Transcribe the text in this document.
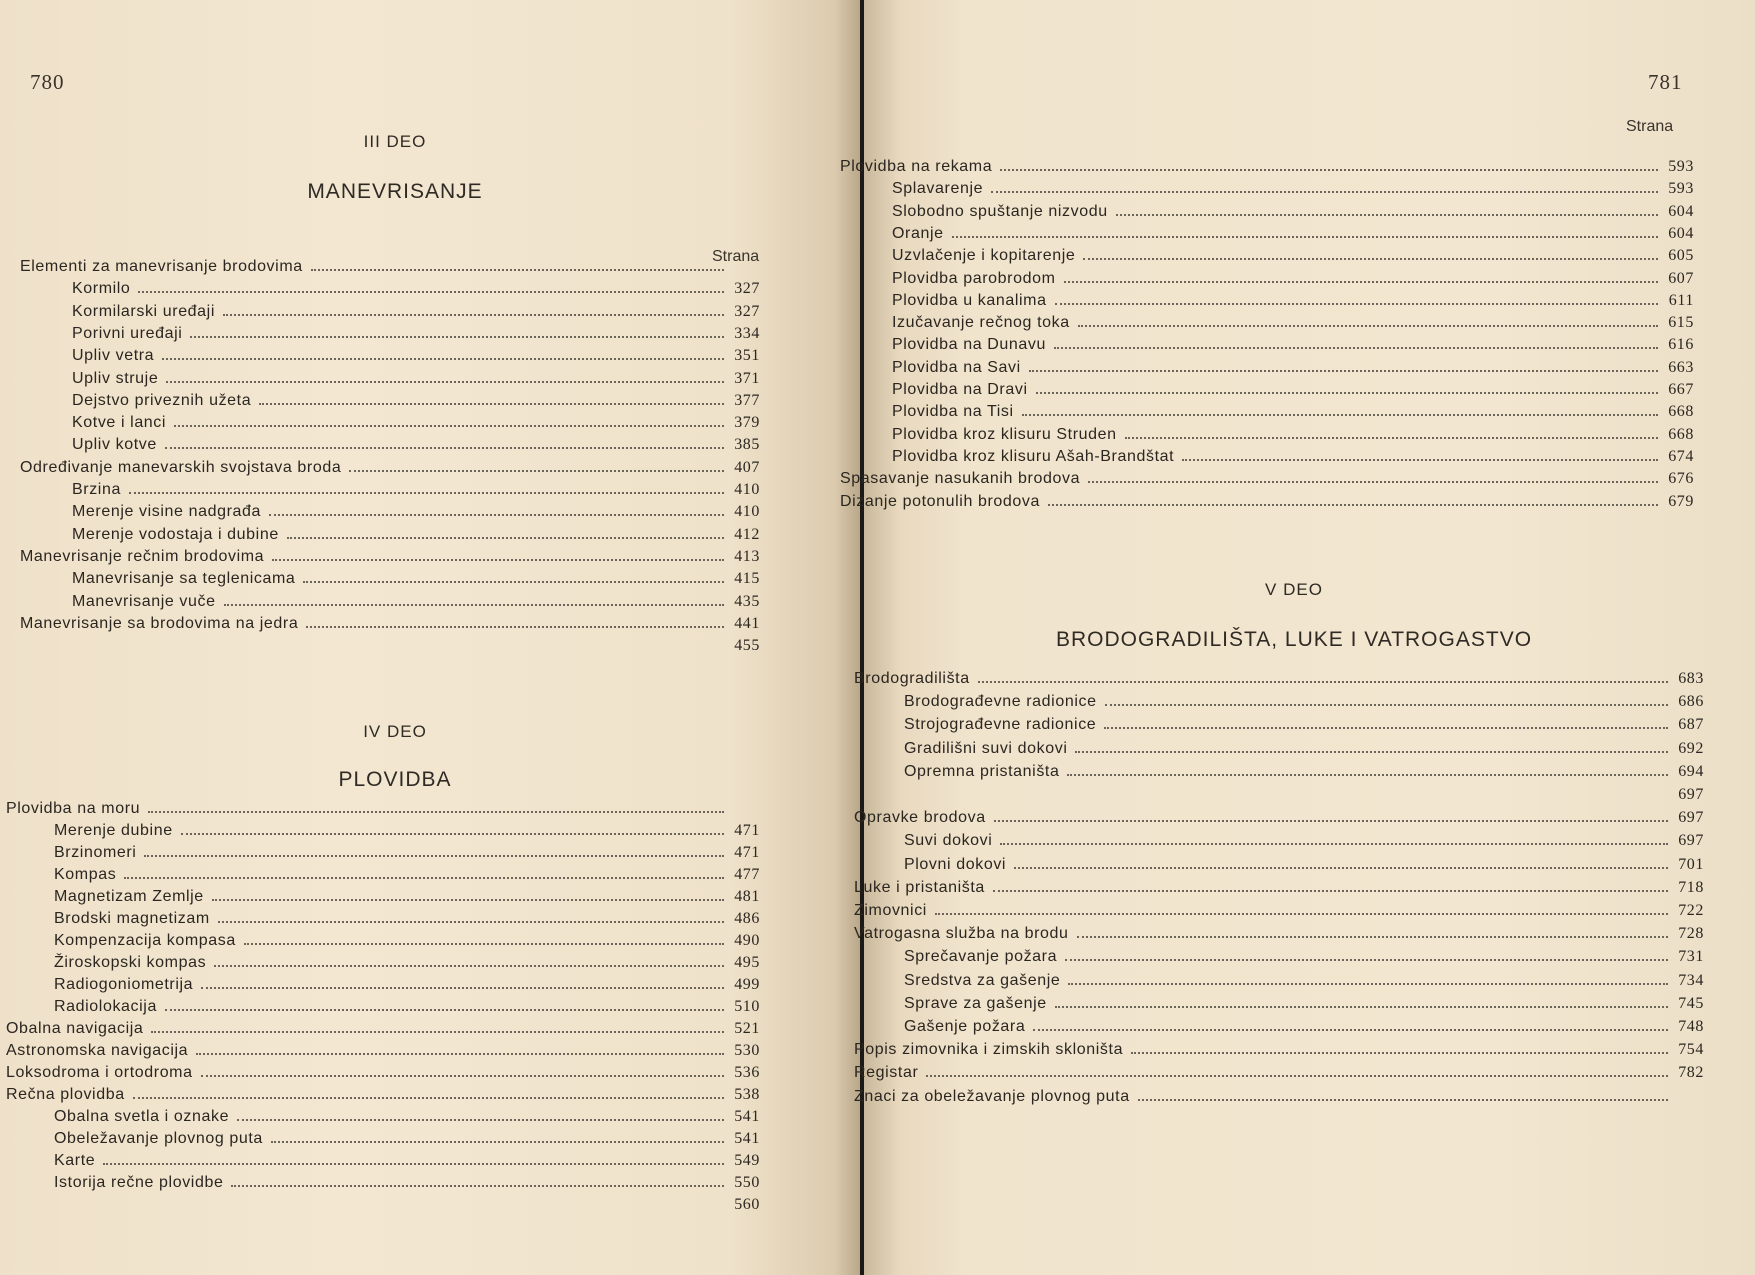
780
III DEO
MANEVRISANJE
Strana
Elementi za manevrisanje brodovima
Kormilo	327
Kormilarski uređaji	327
Porivni uređaji	334
Upliv vetra	351
Upliv struje	371
Dejstvo priveznih užeta	377
Kotve i lanci	379
Upliv kotve	385
Određivanje manevarskih svojstava broda	407
Brzina	410
Merenje visine nadgrađa	410
Merenje vodostaja i dubine	412
Manevrisanje rečnim brodovima	413
Manevrisanje sa teglenicama	415
Manevrisanje vuče	435
Manevrisanje sa brodovima na jedra	441
455
IV DEO
PLOVIDBA
Plovidba na moru
Merenje dubine	471
Brzinomeri	471
Kompas	477
Magnetizam Zemlje	481
Brodski magnetizam	486
Kompenzacija kompasa	490
Žiroskopski kompas	495
Radiogoniometrija	499
Radiolokacija	510
Obalna navigacija	521
Astronomska navigacija	530
Loksodroma i ortodroma	536
Rečna plovidba	538
Obalna svetla i oznake	541
Obeležavanje plovnog puta	541
Karte	549
Istorija rečne plovidbe	550
560
781
Strana
Plovidba na rekama	593
Splavarenje	593
Slobodno spuštanje nizvodu	604
Oranje	604
Uzvlačenje i kopitarenje	605
Plovidba parobrodom	607
Plovidba u kanalima	611
Izučavanje rečnog toka	615
Plovidba na Dunavu	616
Plovidba na Savi	663
Plovidba na Dravi	667
Plovidba na Tisi	668
Plovidba kroz klisuru Struden	668
Plovidba kroz klisuru Ašah-Brandštat	674
Spasavanje nasukanih brodova	676
Dizanje potonulih brodova	679
V DEO
BRODOGRADILIŠTA, LUKE I VATROGASTVO
Brodogradilišta	683
Brodograđevne radionice	686
Strojograđevne radionice	687
Gradilišni suvi dokovi	692
Opremna pristaništa	694
697
Opravke brodova	697
Suvi dokovi	697
Plovni dokovi	701
Luke i pristaništa	718
Zimovnici	722
Vatrogasna služba na brodu	728
Sprečavanje požara	731
Sredstva za gašenje	734
Sprave za gašenje	745
Gašenje požara	748
Popis zimovnika i zimskih skloništa	754
Registar	782
Znaci za obeležavanje plovnog puta
